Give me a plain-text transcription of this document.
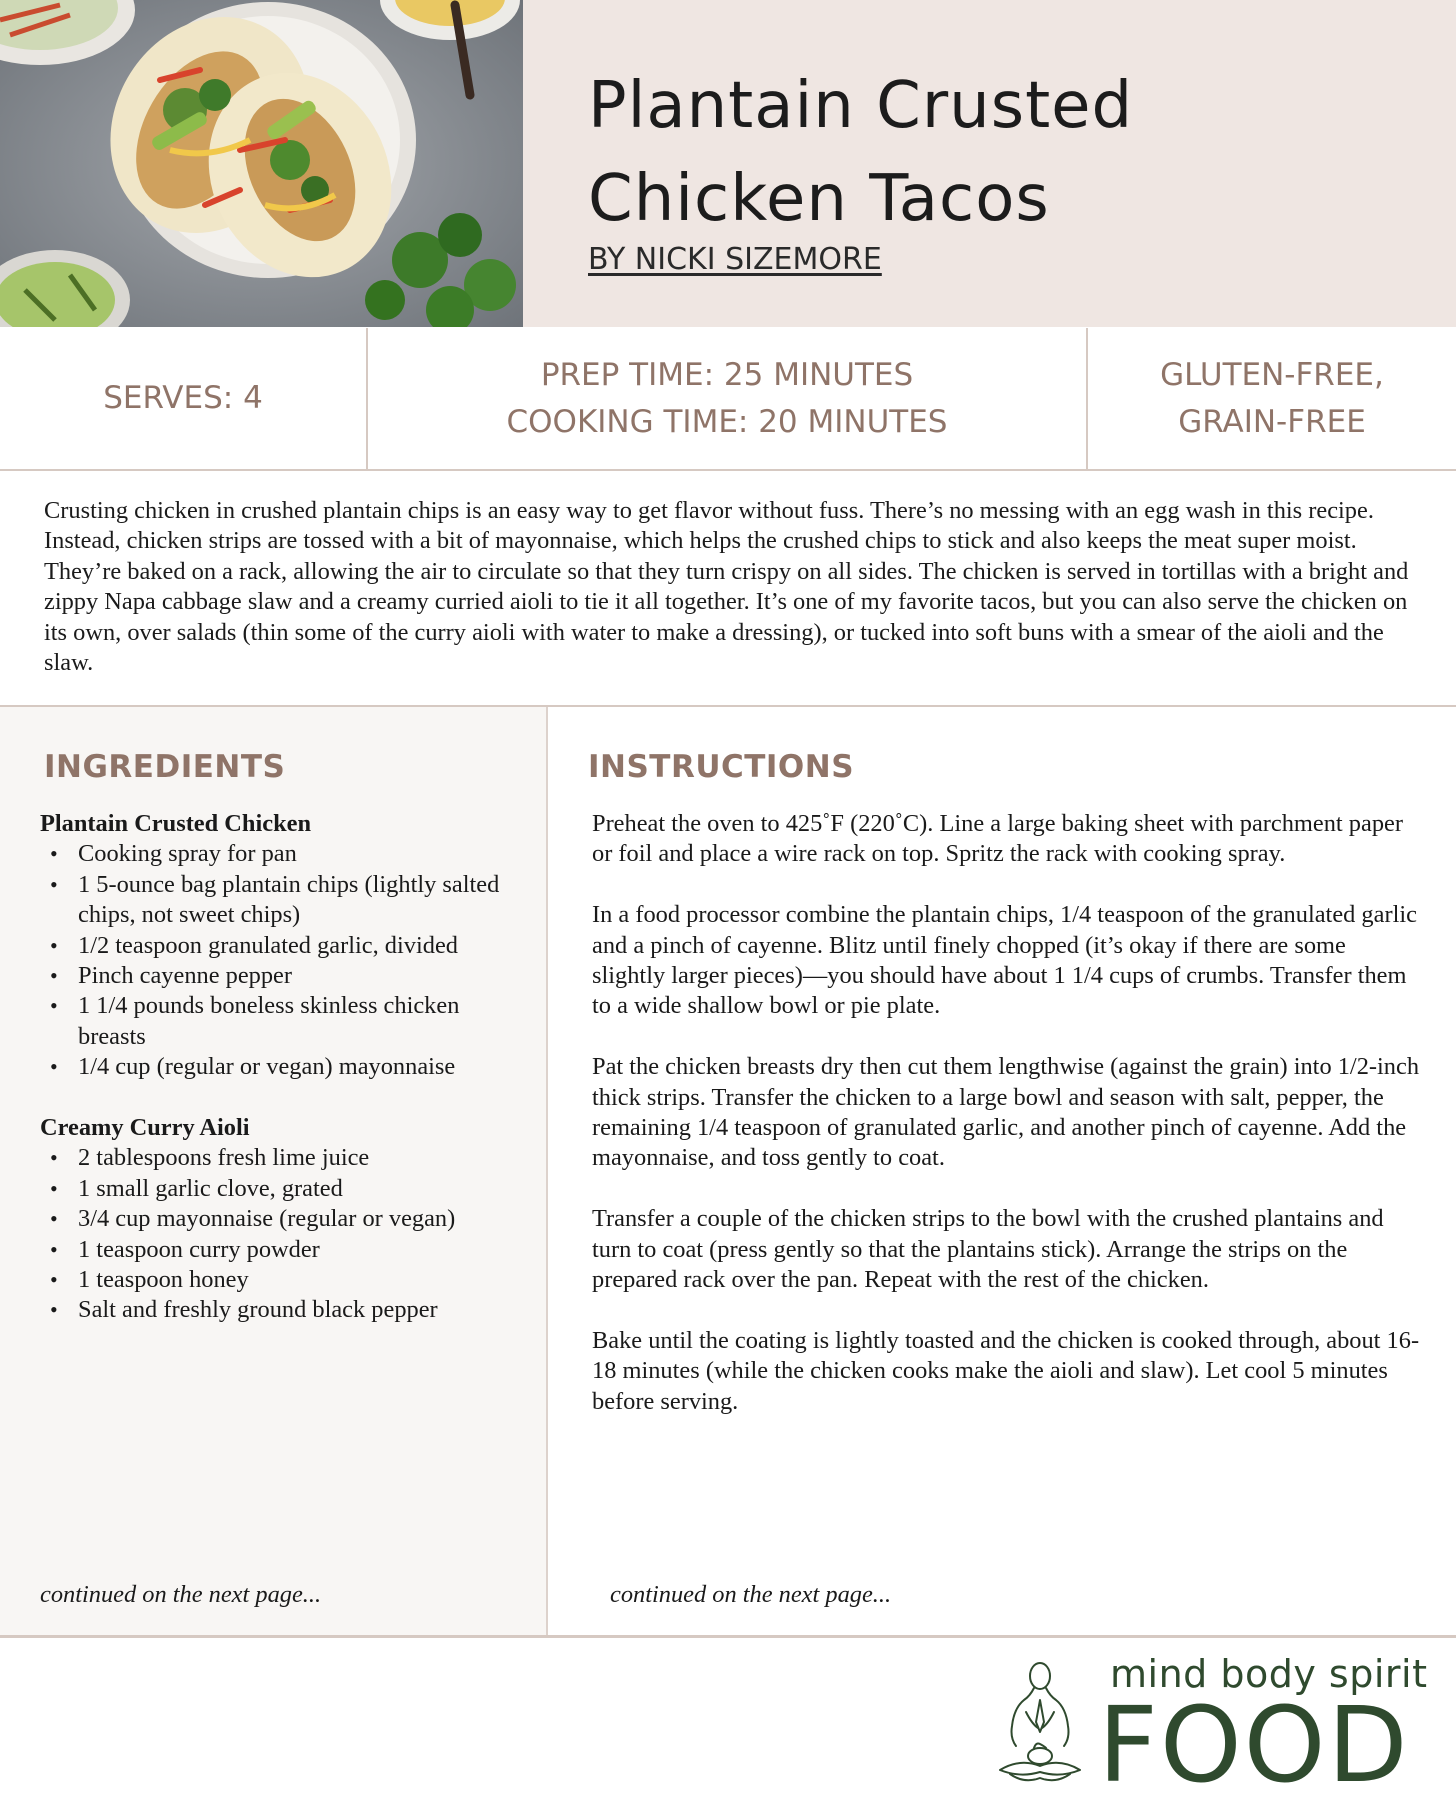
Plantain Crusted
Chicken Tacos
BY NICKI SIZEMORE
SERVES: 4
PREP TIME: 25 MINUTES
COOKING TIME: 20 MINUTES
GLUTEN-FREE,
GRAIN-FREE

Crusting chicken in crushed plantain chips is an easy way to get flavor without fuss. There’s no messing with an egg wash in this recipe. Instead, chicken strips are tossed with a bit of mayonnaise, which helps the crushed chips to stick and also keeps the meat super moist. They’re baked on a rack, allowing the air to circulate so that they turn crispy on all sides. The chicken is served in tortillas with a bright and zippy Napa cabbage slaw and a creamy curried aioli to tie it all together. It’s one of my favorite tacos, but you can also serve the chicken on its own, over salads (thin some of the curry aioli with water to make a dressing), or tucked into soft buns with a smear of the aioli and the slaw.

INGREDIENTS
Plantain Crusted Chicken
• Cooking spray for pan
• 1 5-ounce bag plantain chips (lightly salted chips, not sweet chips)
• 1/2 teaspoon granulated garlic, divided
• Pinch cayenne pepper
• 1 1/4 pounds boneless skinless chicken breasts
• 1/4 cup (regular or vegan) mayonnaise
Creamy Curry Aioli
• 2 tablespoons fresh lime juice
• 1 small garlic clove, grated
• 3/4 cup mayonnaise (regular or vegan)
• 1 teaspoon curry powder
• 1 teaspoon honey
• Salt and freshly ground black pepper
continued on the next page...
INSTRUCTIONS

Preheat the oven to 425˚F (220˚C). Line a large baking sheet with parchment paper or foil and place a wire rack on top. Spritz the rack with cooking spray.

In a food processor combine the plantain chips, 1/4 teaspoon of the granulated garlic and a pinch of cayenne. Blitz until finely chopped (it’s okay if there are some slightly larger pieces)—you should have about 1 1/4 cups of crumbs. Transfer them to a wide shallow bowl or pie plate.

Pat the chicken breasts dry then cut them lengthwise (against the grain) into 1/2-inch thick strips. Transfer the chicken to a large bowl and season with salt, pepper, the remaining 1/4 teaspoon of granulated garlic, and another pinch of cayenne. Add the mayonnaise, and toss gently to coat.

Transfer a couple of the chicken strips to the bowl with the crushed plantains and turn to coat (press gently so that the plantains stick). Arrange the strips on the prepared rack over the pan. Repeat with the rest of the chicken.

Bake until the coating is lightly toasted and the chicken is cooked through, about 16-18 minutes (while the chicken cooks make the aioli and slaw). Let cool 5 minutes before serving.

continued on the next page...
mind body spirit
FOOD
